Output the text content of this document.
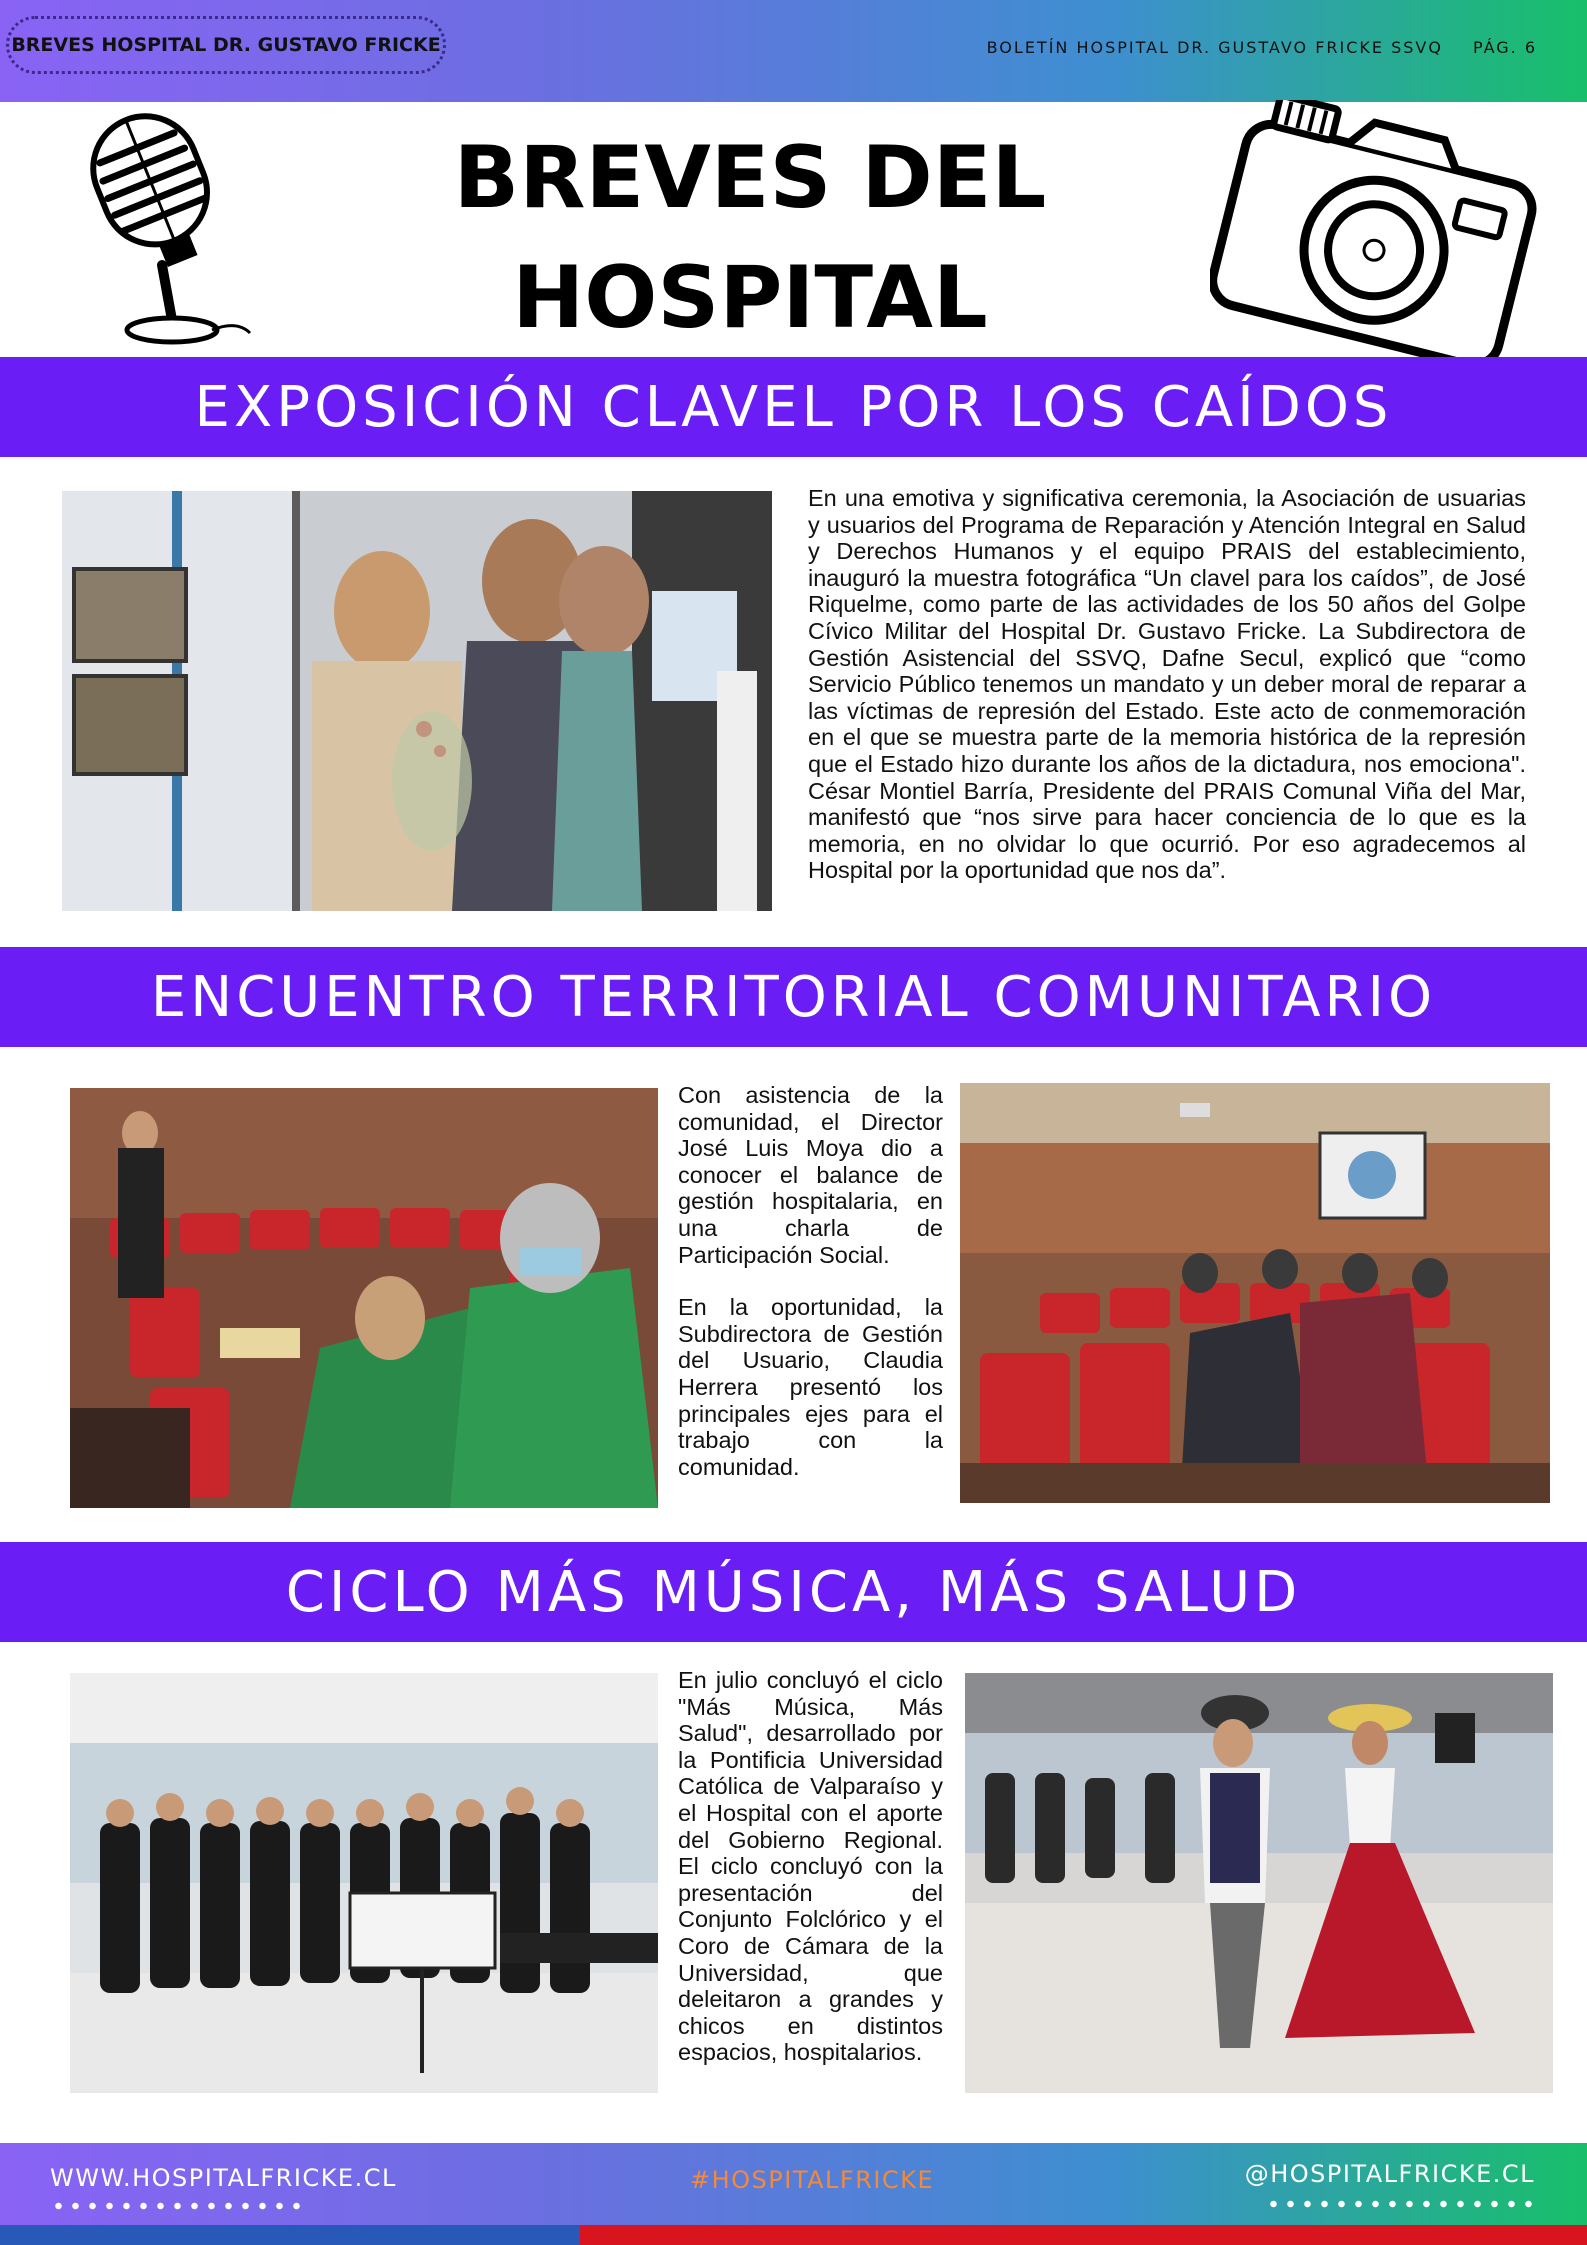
BREVES HOSPITAL DR. GUSTAVO FRICKE	BOLETÍN HOSPITAL DR. GUSTAVO FRICKE SSVQ PÁG. 6
BREVES DEL
HOSPITAL
EXPOSICIÓN CLAVEL POR LOS CAÍDOS

En una emotiva y significativa ceremonia, la Asociación de usuarias y usuarios del Programa de Reparación y Atención Integral en Salud y Derechos Humanos y el equipo PRAIS del establecimiento, inauguró la muestra fotográfica “Un clavel para los caídos”, de José Riquelme, como parte de las actividades de los 50 años del Golpe Cívico Militar del Hospital Dr. Gustavo Fricke. La Subdirectora de Gestión Asistencial del SSVQ, Dafne Secul, explicó que “como Servicio Público tenemos un mandato y un deber moral de reparar a las víctimas de represión del Estado. Este acto de conmemoración en el que se muestra parte de la memoria histórica de la represión que el Estado hizo durante los años de la dictadura, nos emociona". César Montiel Barría, Presidente del PRAIS Comunal Viña del Mar, manifestó que “nos sirve para hacer conciencia de lo que es la memoria, en no olvidar lo que ocurrió. Por eso agradecemos al Hospital por la oportunidad que nos da”.

ENCUENTRO TERRITORIAL COMUNITARIO

Con asistencia de la comunidad, el Director José Luis Moya dio a conocer el balance de gestión hospitalaria, en una charla de Participación Social.

En la oportunidad, la Subdirectora de Gestión del Usuario, Claudia Herrera presentó los principales ejes para el trabajo con la comunidad.

CICLO MÁS MÚSICA, MÁS SALUD

En julio concluyó el ciclo "Más Música, Más Salud", desarrollado por la Pontificia Universidad Católica de Valparaíso y el Hospital con el aporte del Gobierno Regional. El ciclo concluyó con la presentación del Conjunto Folclórico y el Coro de Cámara de la Universidad, que deleitaron a grandes y chicos en distintos espacios, hospitalarios.

WWW.HOSPITALFRICKE.CL	#HOSPITALFRICKE	@HOSPITALFRICKE.CL
